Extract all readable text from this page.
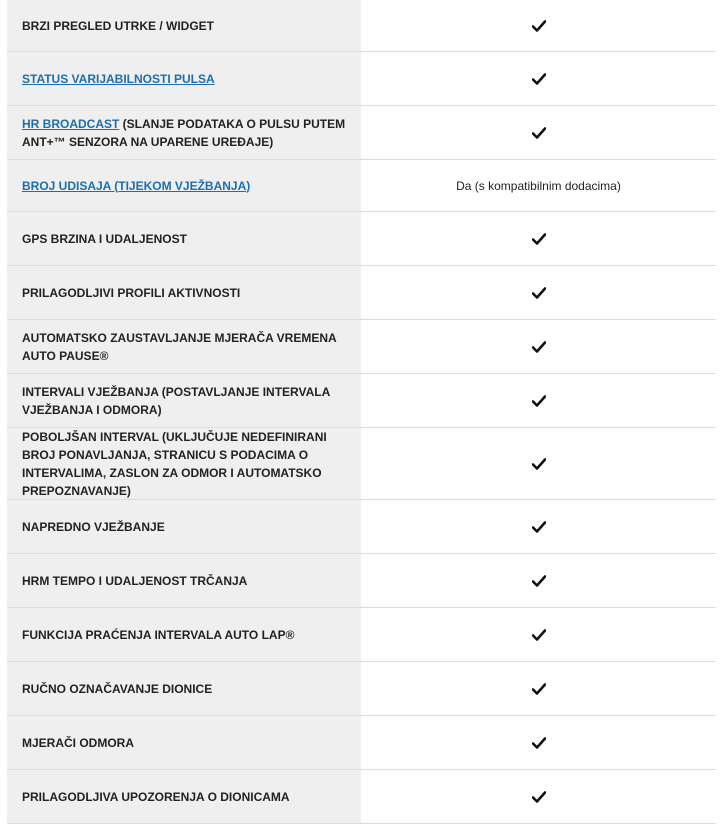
BRZI PREGLED UTRKE / WIDGET
STATUS VARIJABILNOSTI PULSA
HR BROADCAST (SLANJE PODATAKA O PULSU PUTEM ANT+™ SENZORA NA UPARENE UREĐAJE)
BROJ UDISAJA (TIJEKOM VJEŽBANJA)	Da (s kompatibilnim dodacima)
GPS BRZINA I UDALJENOST
PRILAGODLJIVI PROFILI AKTIVNOSTI
AUTOMATSKO ZAUSTAVLJANJE MJERAČA VREMENA AUTO PAUSE®
INTERVALI VJEŽBANJA (POSTAVLJANJE INTERVALA VJEŽBANJA I ODMORA)
POBOLJŠAN INTERVAL (UKLJUČUJE NEDEFINIRANI BROJ PONAVLJANJA, STRANICU S PODACIMA O INTERVALIMA, ZASLON ZA ODMOR I AUTOMATSKO PREPOZNAVANJE)
NAPREDNO VJEŽBANJE
HRM TEMPO I UDALJENOST TRČANJA
FUNKCIJA PRAĆENJA INTERVALA AUTO LAP®
RUČNO OZNAČAVANJE DIONICE
MJERAČI ODMORA
PRILAGODLJIVA UPOZORENJA O DIONICAMA
